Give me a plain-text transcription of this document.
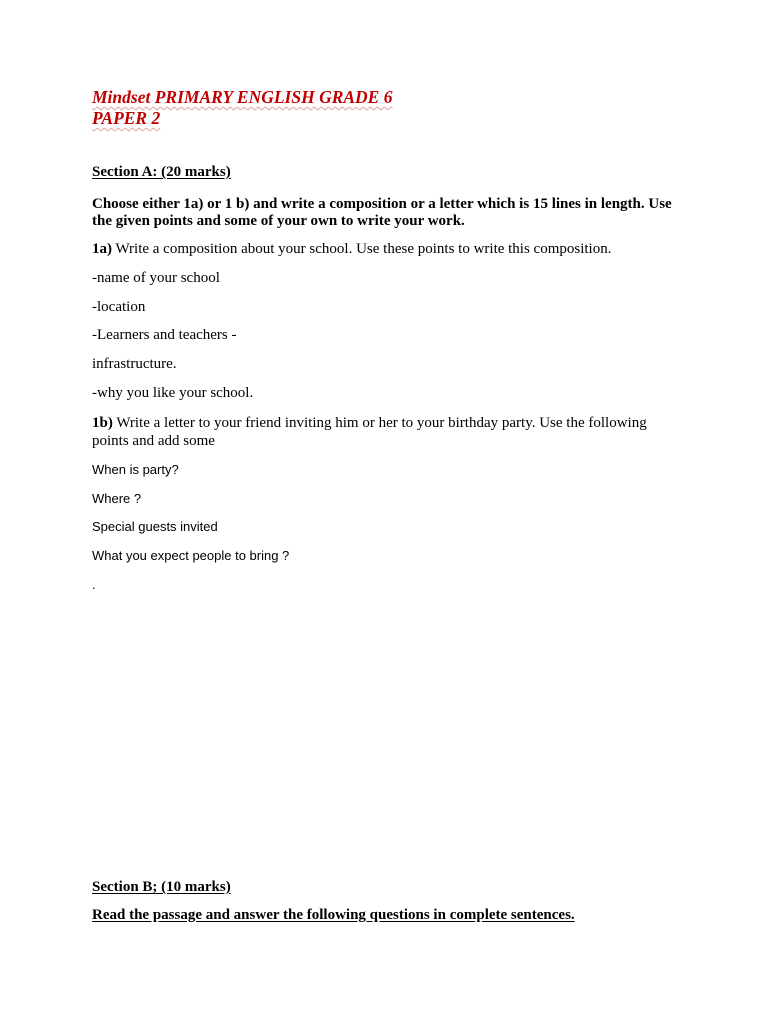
Mindset PRIMARY ENGLISH GRADE 6

PAPER 2

Section A: (20 marks)

Choose either 1a) or 1 b) and write a composition or a letter which is 15 lines in length. Use the given points and some of your own to write your work.

1a) Write a composition about your school. Use these points to write this composition.

-name of your school

-location

-Learners and teachers -

infrastructure.

-why you like your school.

1b) Write a letter to your friend inviting him or her to your birthday party. Use the following points and add some

When is party?

Where ?

Special guests invited

What you expect people to bring ?

.

Section B; (10 marks)

Read the passage and answer the following questions in complete sentences.
